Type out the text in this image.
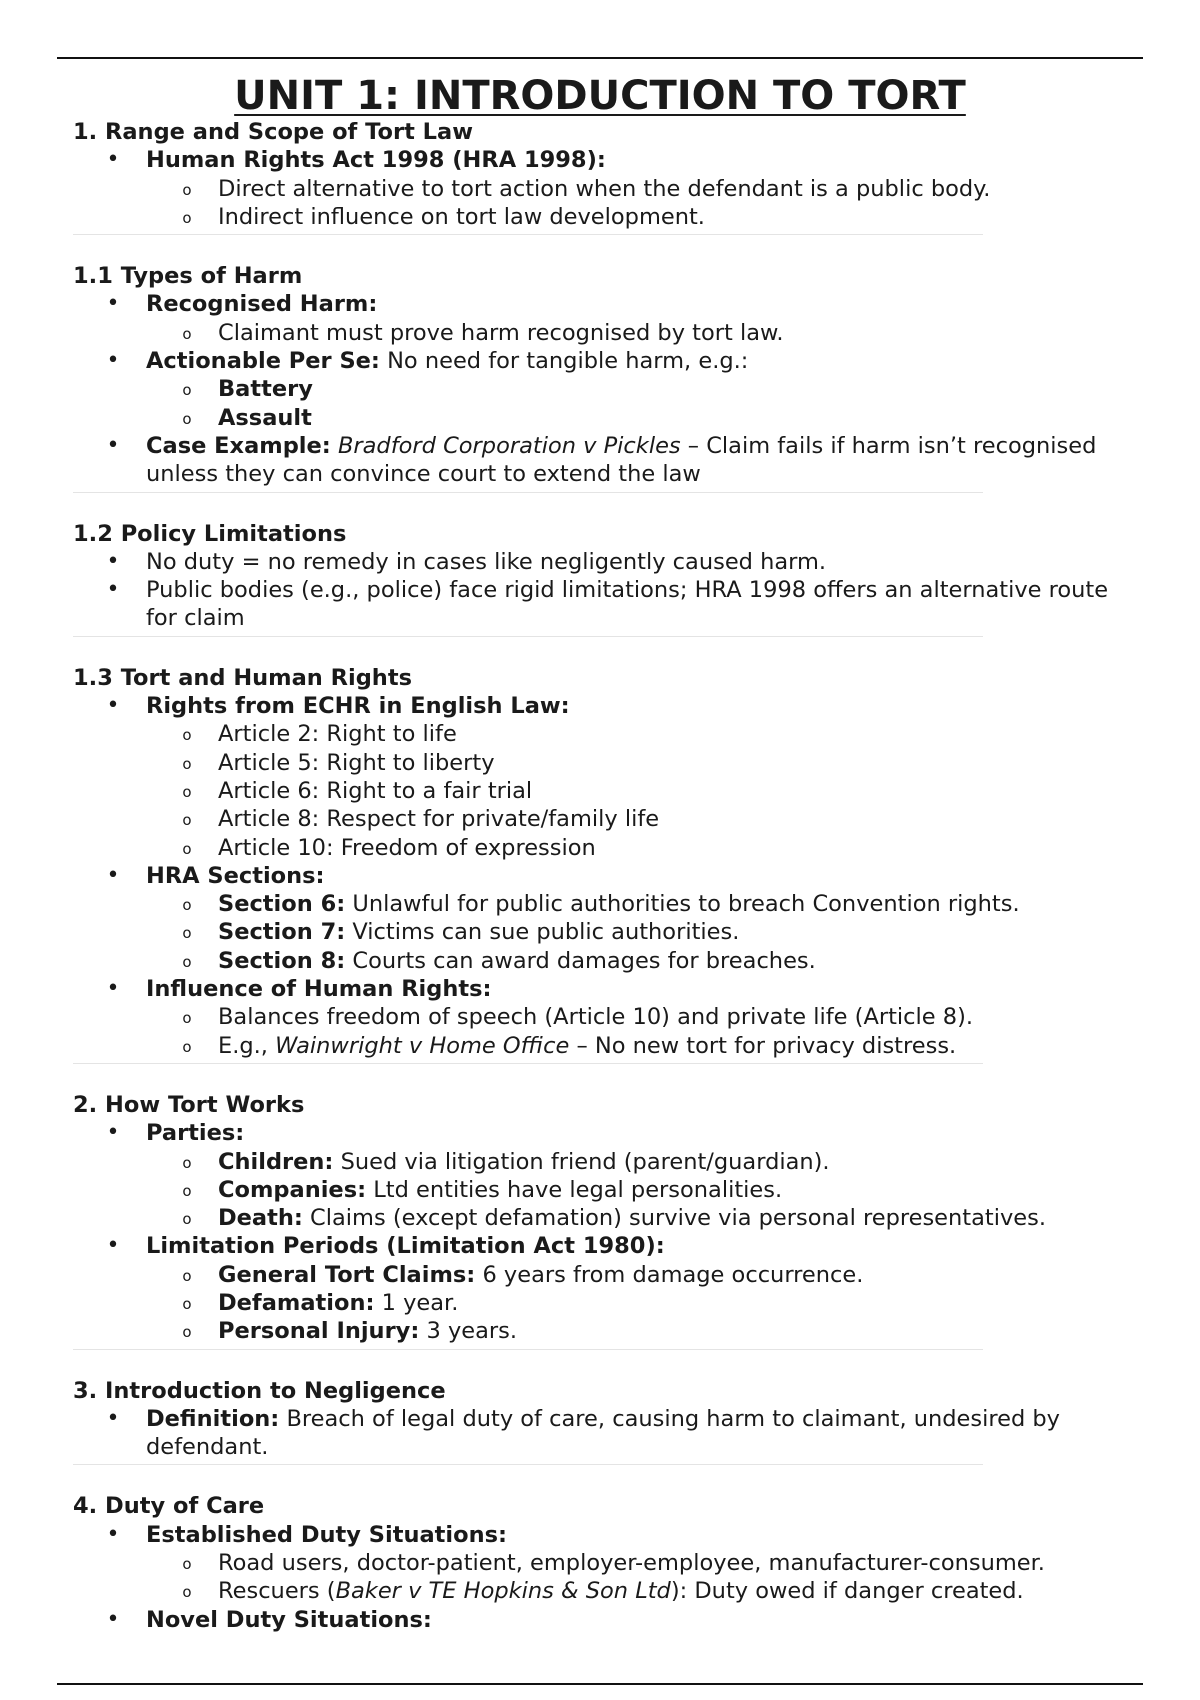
UNIT 1: INTRODUCTION TO TORT

1. Range and Scope of Tort Law

• Human Rights Act 1998 (HRA 1998):

o Direct alternative to tort action when the defendant is a public body.

o Indirect influence on tort law development.

1.1 Types of Harm

• Recognised Harm:

o Claimant must prove harm recognised by tort law.

• Actionable Per Se: No need for tangible harm, e.g.:

o Battery

o Assault

• Case Example: Bradford Corporation v Pickles – Claim fails if harm isn’t recognised unless they can convince court to extend the law

1.2 Policy Limitations

• No duty = no remedy in cases like negligently caused harm.

• Public bodies (e.g., police) face rigid limitations; HRA 1998 offers an alternative route for claim

1.3 Tort and Human Rights

• Rights from ECHR in English Law:

o Article 2: Right to life

o Article 5: Right to liberty

o Article 6: Right to a fair trial

o Article 8: Respect for private/family life

o Article 10: Freedom of expression

• HRA Sections:

o Section 6: Unlawful for public authorities to breach Convention rights.

o Section 7: Victims can sue public authorities.

o Section 8: Courts can award damages for breaches.

• Influence of Human Rights:

o Balances freedom of speech (Article 10) and private life (Article 8).

o E.g., Wainwright v Home Office – No new tort for privacy distress.

2. How Tort Works

• Parties:

o Children: Sued via litigation friend (parent/guardian).

o Companies: Ltd entities have legal personalities.

o Death: Claims (except defamation) survive via personal representatives.

• Limitation Periods (Limitation Act 1980):

o General Tort Claims: 6 years from damage occurrence.

o Defamation: 1 year.

o Personal Injury: 3 years.

3. Introduction to Negligence

• Definition: Breach of legal duty of care, causing harm to claimant, undesired by defendant.

4. Duty of Care

• Established Duty Situations:

o Road users, doctor-patient, employer-employee, manufacturer-consumer.

o Rescuers (Baker v TE Hopkins & Son Ltd): Duty owed if danger created.

• Novel Duty Situations:
